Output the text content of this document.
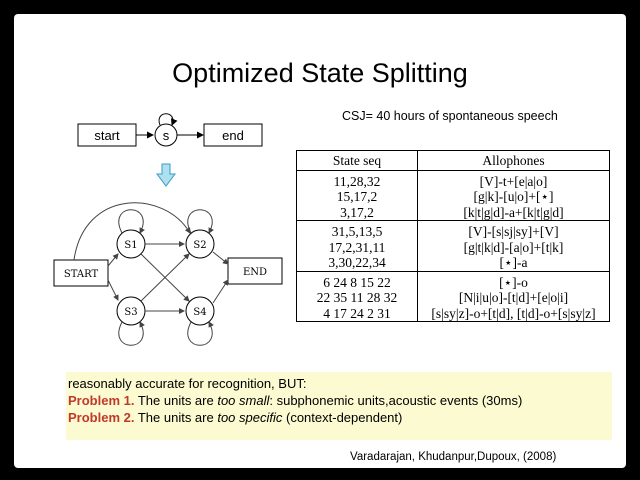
Optimized State Splitting
CSJ= 40 hours of spontaneous speech
start	s	end
START	END
S1	S2
S3	S4
State seq	Allophones
11,28,32	[V]-t+[e|a|o]
15,17,2	[g|k]-[u|o]+[⋆]
3,17,2	[k|t|g|d]-a+[k|t|g|d]
31,5,13,5	[V]-[s|sj|sy]+[V]
17,2,31,11	[g|t|k|d]-[a|o]+[t|k]
3,30,22,34	[⋆]-a
6 24 8 15 22	[⋆]-o
22 35 11 28 32	[N|i|u|o]-[t|d]+[e|o|i]
4 17 24 2 31	[s|sy|z]-o+[t|d], [t|d]-o+[s|sy|z]
reasonably accurate for recognition, BUT:
Problem 1. The units are too small: subphonemic units,acoustic events (30ms)
Problem 2. The units are too specific (context-dependent)
Varadarajan, Khudanpur,Dupoux, (2008)
